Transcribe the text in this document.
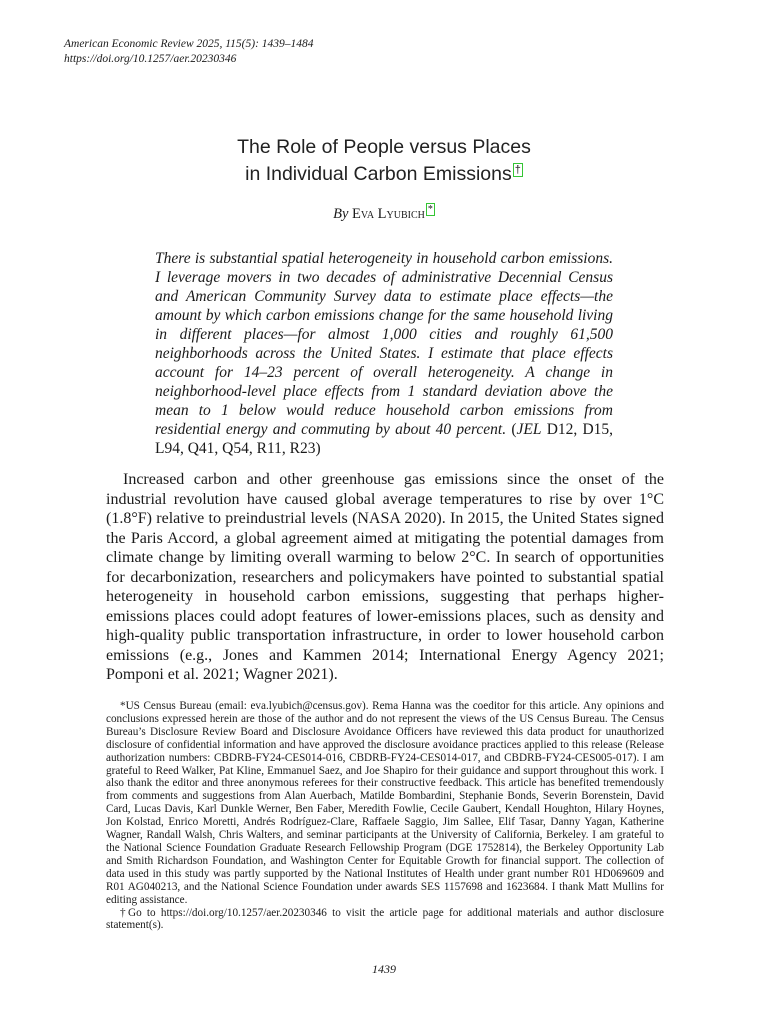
American Economic Review 2025, 115(5): 1439–1484
https://doi.org/10.1257/aer.20230346
The Role of People versus Places
in Individual Carbon Emissions †
By Eva Lyubich *
There is substantial spatial heterogeneity in household carbon emissions. I leverage movers in two decades of administrative Decennial Census and American Community Survey data to estimate place effects—the amount by which carbon emissions change for the same household living in different places—for almost 1,000 cities and roughly 61,500 neighborhoods across the United States. I estimate that place effects account for 14–23 percent of overall heterogeneity. A change in neighborhood-level place effects from 1 standard deviation above the mean to 1 below would reduce household carbon emissions from residential energy and commuting by about 40 percent. (JEL D12, D15, L94, Q41, Q54, R11, R23)

Increased carbon and other greenhouse gas emissions since the onset of the industrial revolution have caused global average temperatures to rise by over 1°C (1.8°F) relative to preindustrial levels (NASA 2020). In 2015, the United States signed the Paris Accord, a global agreement aimed at mitigating the potential damages from climate change by limiting overall warming to below 2°C. In search of opportunities for decarbonization, researchers and policymakers have pointed to substantial spatial heterogeneity in household carbon emissions, suggesting that perhaps higher-emissions places could adopt features of lower-emissions places, such as density and high-quality public transportation infrastructure, in order to lower household carbon emissions (e.g., Jones and Kammen 2014; International Energy Agency 2021; Pomponi et al. 2021; Wagner 2021).

*US Census Bureau (email: eva.lyubich@census.gov). Rema Hanna was the coeditor for this article. Any opinions and conclusions expressed herein are those of the author and do not represent the views of the US Census Bureau. The Census Bureau’s Disclosure Review Board and Disclosure Avoidance Officers have reviewed this data product for unauthorized disclosure of confidential information and have approved the disclosure avoidance practices applied to this release (Release authorization numbers: CBDRB-FY24-CES014-016, CBDRB-FY24-CES014-017, and CBDRB-FY24-CES005-017). I am grateful to Reed Walker, Pat Kline, Emmanuel Saez, and Joe Shapiro for their guidance and support throughout this work. I also thank the editor and three anonymous referees for their constructive feedback. This article has benefited tremendously from comments and suggestions from Alan Auerbach, Matilde Bombardini, Stephanie Bonds, Severin Borenstein, David Card, Lucas Davis, Karl Dunkle Werner, Ben Faber, Meredith Fowlie, Cecile Gaubert, Kendall Houghton, Hilary Hoynes, Jon Kolstad, Enrico Moretti, Andrés Rodríguez-Clare, Raffaele Saggio, Jim Sallee, Elif Tasar, Danny Yagan, Katherine Wagner, Randall Walsh, Chris Walters, and seminar participants at the University of California, Berkeley. I am grateful to the National Science Foundation Graduate Research Fellowship Program (DGE 1752814), the Berkeley Opportunity Lab and Smith Richardson Foundation, and Washington Center for Equitable Growth for financial support. The collection of data used in this study was partly supported by the National Institutes of Health under grant number R01 HD069609 and R01 AG040213, and the National Science Foundation under awards SES 1157698 and 1623684. I thank Matt Mullins for editing assistance.

†Go to https://doi.org/10.1257/aer.20230346 to visit the article page for additional materials and author disclosure statement(s).

1439
